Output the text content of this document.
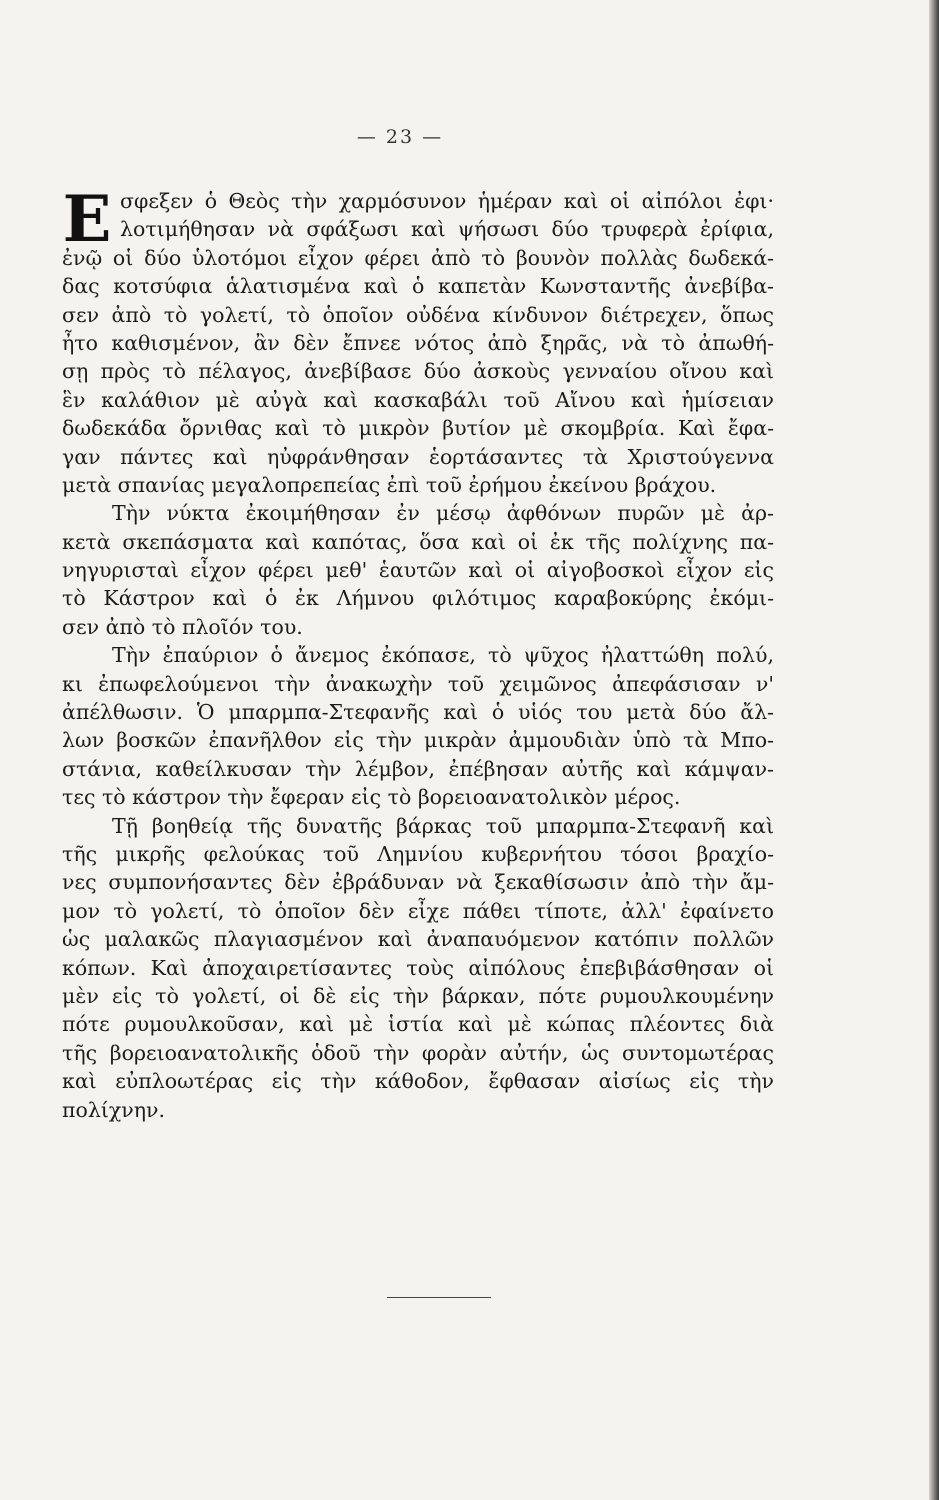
— 23 —
Ε σφεξεν ὁ Θεὸς τὴν χαρμόσυνον ἡμέραν καὶ οἱ αἰπόλοι ἐφι·
λοτιμήθησαν νὰ σφάξωσι καὶ ψήσωσι δύο τρυφερὰ ἐρίφια,
ἐνῷ οἱ δύο ὑλοτόμοι εἶχον φέρει ἀπὸ τὸ βουνὸν πολλὰς δωδεκά-
δας κοτσύφια ἁλατισμένα καὶ ὁ καπετὰν Κωνσταντῆς ἀνεβίβα-
σεν ἀπὸ τὸ γολετί, τὸ ὁποῖον οὐδένα κίνδυνον διέτρεχεν, ὅπως
ἦτο καθισμένον, ἂν δὲν ἔπνεε νότος ἀπὸ ξηρᾶς, νὰ τὸ ἀπωθή-
σῃ πρὸς τὸ πέλαγος, ἀνεβίβασε δύο ἀσκοὺς γενναίου οἴνου καὶ
ἓν καλάθιον μὲ αὐγὰ καὶ κασκαβάλι τοῦ Αἴνου καὶ ἡμίσειαν
δωδεκάδα ὄρνιθας καὶ τὸ μικρὸν βυτίον μὲ σκομβρία. Καὶ ἔφα-
γαν πάντες καὶ ηὐφράνθησαν ἑορτάσαντες τὰ Χριστούγεννα
μετὰ σπανίας μεγαλοπρεπείας ἐπὶ τοῦ ἐρήμου ἐκείνου βράχου.
Τὴν νύκτα ἐκοιμήθησαν ἐν μέσῳ ἀφθόνων πυρῶν μὲ ἀρ-
κετὰ σκεπάσματα καὶ καπότας, ὅσα καὶ οἱ ἐκ τῆς πολίχνης πα-
νηγυρισταὶ εἶχον φέρει μεθ' ἑαυτῶν καὶ οἱ αἰγοβοσκοὶ εἶχον εἰς
τὸ Κάστρον καὶ ὁ ἐκ Λήμνου φιλότιμος καραβοκύρης ἐκόμι-
σεν ἀπὸ τὸ πλοῖόν του.
Τὴν ἐπαύριον ὁ ἄνεμος ἐκόπασε, τὸ ψῦχος ἠλαττώθη πολύ,
κι ἐπωφελούμενοι τὴν ἀνακωχὴν τοῦ χειμῶνος ἀπεφάσισαν ν'
ἀπέλθωσιν. Ὁ μπαρμπα-Στεφανῆς καὶ ὁ υἱός του μετὰ δύο ἄλ-
λων βοσκῶν ἐπανῆλθον εἰς τὴν μικρὰν ἀμμουδιὰν ὑπὸ τὰ Μπο-
στάνια, καθείλκυσαν τὴν λέμβον, ἐπέβησαν αὐτῆς καὶ κάμψαν-
τες τὸ κάστρον τὴν ἔφεραν εἰς τὸ βορειοανατολικὸν μέρος.
Τῇ βοηθείᾳ τῆς δυνατῆς βάρκας τοῦ μπαρμπα-Στεφανῆ καὶ
τῆς μικρῆς φελούκας τοῦ Λημνίου κυβερνήτου τόσοι βραχίο-
νες συμπονήσαντες δὲν ἐβράδυναν νὰ ξεκαθίσωσιν ἀπὸ τὴν ἄμ-
μον τὸ γολετί, τὸ ὁποῖον δὲν εἶχε πάθει τίποτε, ἀλλ' ἐφαίνετο
ὡς μαλακῶς πλαγιασμένον καὶ ἀναπαυόμενον κατόπιν πολλῶν
κόπων. Καὶ ἀποχαιρετίσαντες τοὺς αἰπόλους ἐπεβιβάσθησαν οἱ
μὲν εἰς τὸ γολετί, οἱ δὲ εἰς τὴν βάρκαν, πότε ρυμουλκουμένην
πότε ρυμουλκοῦσαν, καὶ μὲ ἱστία καὶ μὲ κώπας πλέοντες διὰ
τῆς βορειοανατολικῆς ὁδοῦ τὴν φορὰν αὐτήν, ὡς συντομωτέρας
καὶ εὐπλοωτέρας εἰς τὴν κάθοδον, ἔφθασαν αἰσίως εἰς τὴν
πολίχνην.
